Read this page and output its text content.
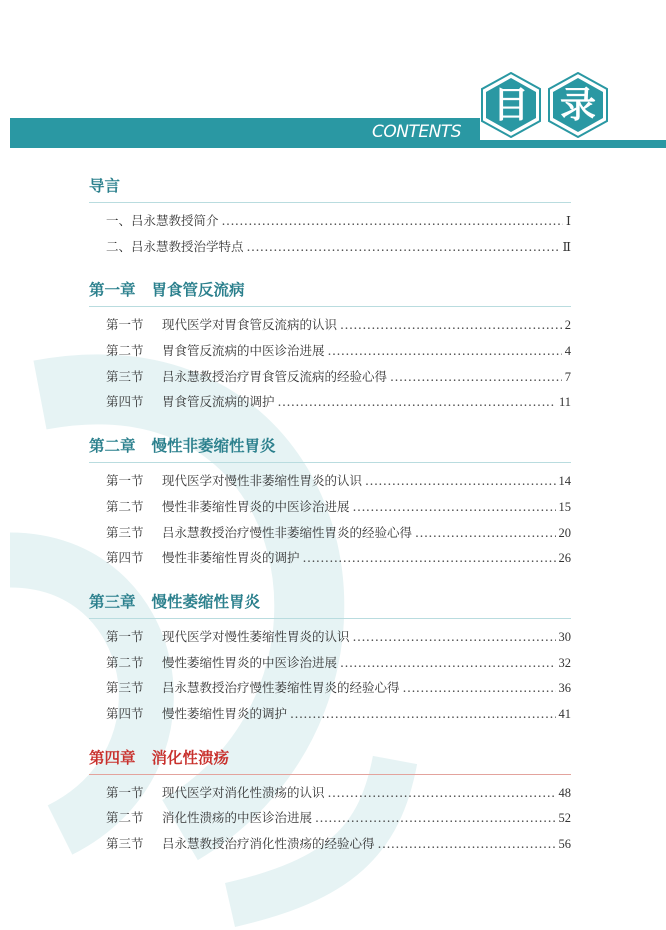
CONTENTS
目 录
导言
一、吕永慧教授简介 .....	Ⅰ
二、吕永慧教授治学特点 .....	Ⅱ
第一章 胃食管反流病
第一节	现代医学对胃食管反流病的认识 .....	2
第二节	胃食管反流病的中医诊治进展 .....	4
第三节	吕永慧教授治疗胃食管反流病的经验心得 .....	7
第四节	胃食管反流病的调护 .....	11
第二章 慢性非萎缩性胃炎
第一节	现代医学对慢性非萎缩性胃炎的认识 .....	14
第二节	慢性非萎缩性胃炎的中医诊治进展 .....	15
第三节	吕永慧教授治疗慢性非萎缩性胃炎的经验心得 .....	20
第四节	慢性非萎缩性胃炎的调护 .....	26
第三章 慢性萎缩性胃炎
第一节	现代医学对慢性萎缩性胃炎的认识 .....	30
第二节	慢性萎缩性胃炎的中医诊治进展 .....	32
第三节	吕永慧教授治疗慢性萎缩性胃炎的经验心得 .....	36
第四节	慢性萎缩性胃炎的调护 .....	41
第四章 消化性溃疡
第一节	现代医学对消化性溃疡的认识 .....	48
第二节	消化性溃疡的中医诊治进展 .....	52
第三节	吕永慧教授治疗消化性溃疡的经验心得 .....	56
